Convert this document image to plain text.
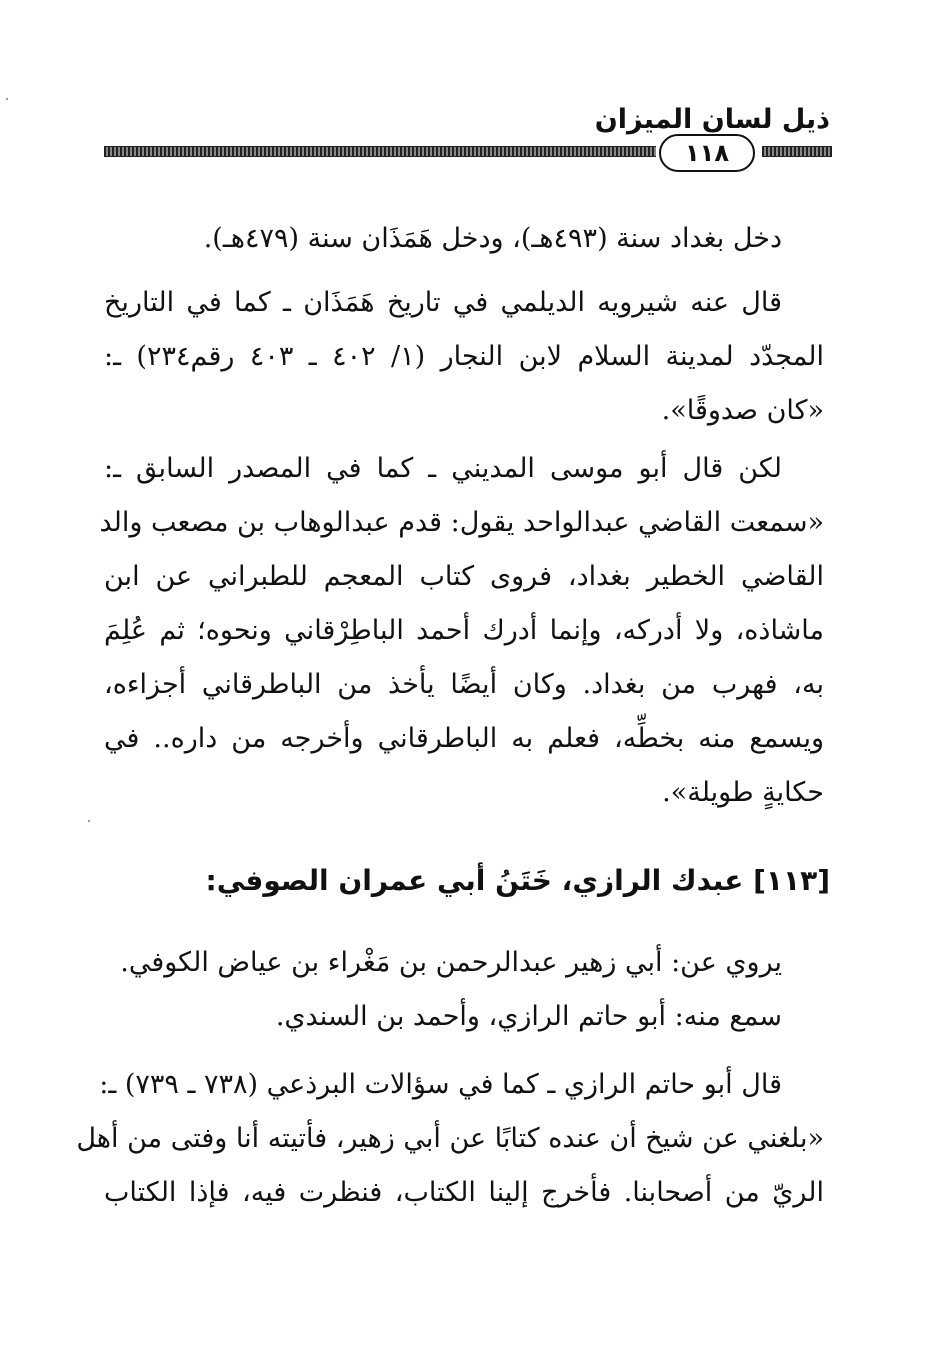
ذيل لسان الميزان
١١٨
دخل بغداد سنة (٤٩٣هـ)، ودخل هَمَذَان سنة (٤٧٩هـ).
قال عنه شيرويه الديلمي في تاريخ هَمَذَان ـ كما في التاريخ
المجدّد لمدينة السلام لابن النجار (١/ ٤٠٢ ـ ٤٠٣ رقم٢٣٤) ـ:
«كان صدوقًا».
لكن قال أبو موسى المديني ـ كما في المصدر السابق ـ:
«سمعت القاضي عبدالواحد يقول: قدم عبدالوهاب بن مصعب والد
القاضي الخطير بغداد، فروى كتاب المعجم للطبراني عن ابن
ماشاذه، ولا أدركه، وإنما أدرك أحمد الباطِرْقاني ونحوه؛ ثم عُلِمَ
به، فهرب من بغداد. وكان أيضًا يأخذ من الباطرقاني أجزاءه،
ويسمع منه بخطِّه، فعلم به الباطرقاني وأخرجه من داره.. في
حكايةٍ طويلة».
[١١٣] عبدك الرازي، خَتَنُ أبي عمران الصوفي:
يروي عن: أبي زهير عبدالرحمن بن مَغْراء بن عياض الكوفي.
سمع منه: أبو حاتم الرازي، وأحمد بن السندي.
قال أبو حاتم الرازي ـ كما في سؤالات البرذعي (٧٣٨ ـ ٧٣٩) ـ:
«بلغني عن شيخ أن عنده كتابًا عن أبي زهير، فأتيته أنا وفتى من أهل
الريّ من أصحابنا. فأخرج إلينا الكتاب، فنظرت فيه، فإذا الكتاب
